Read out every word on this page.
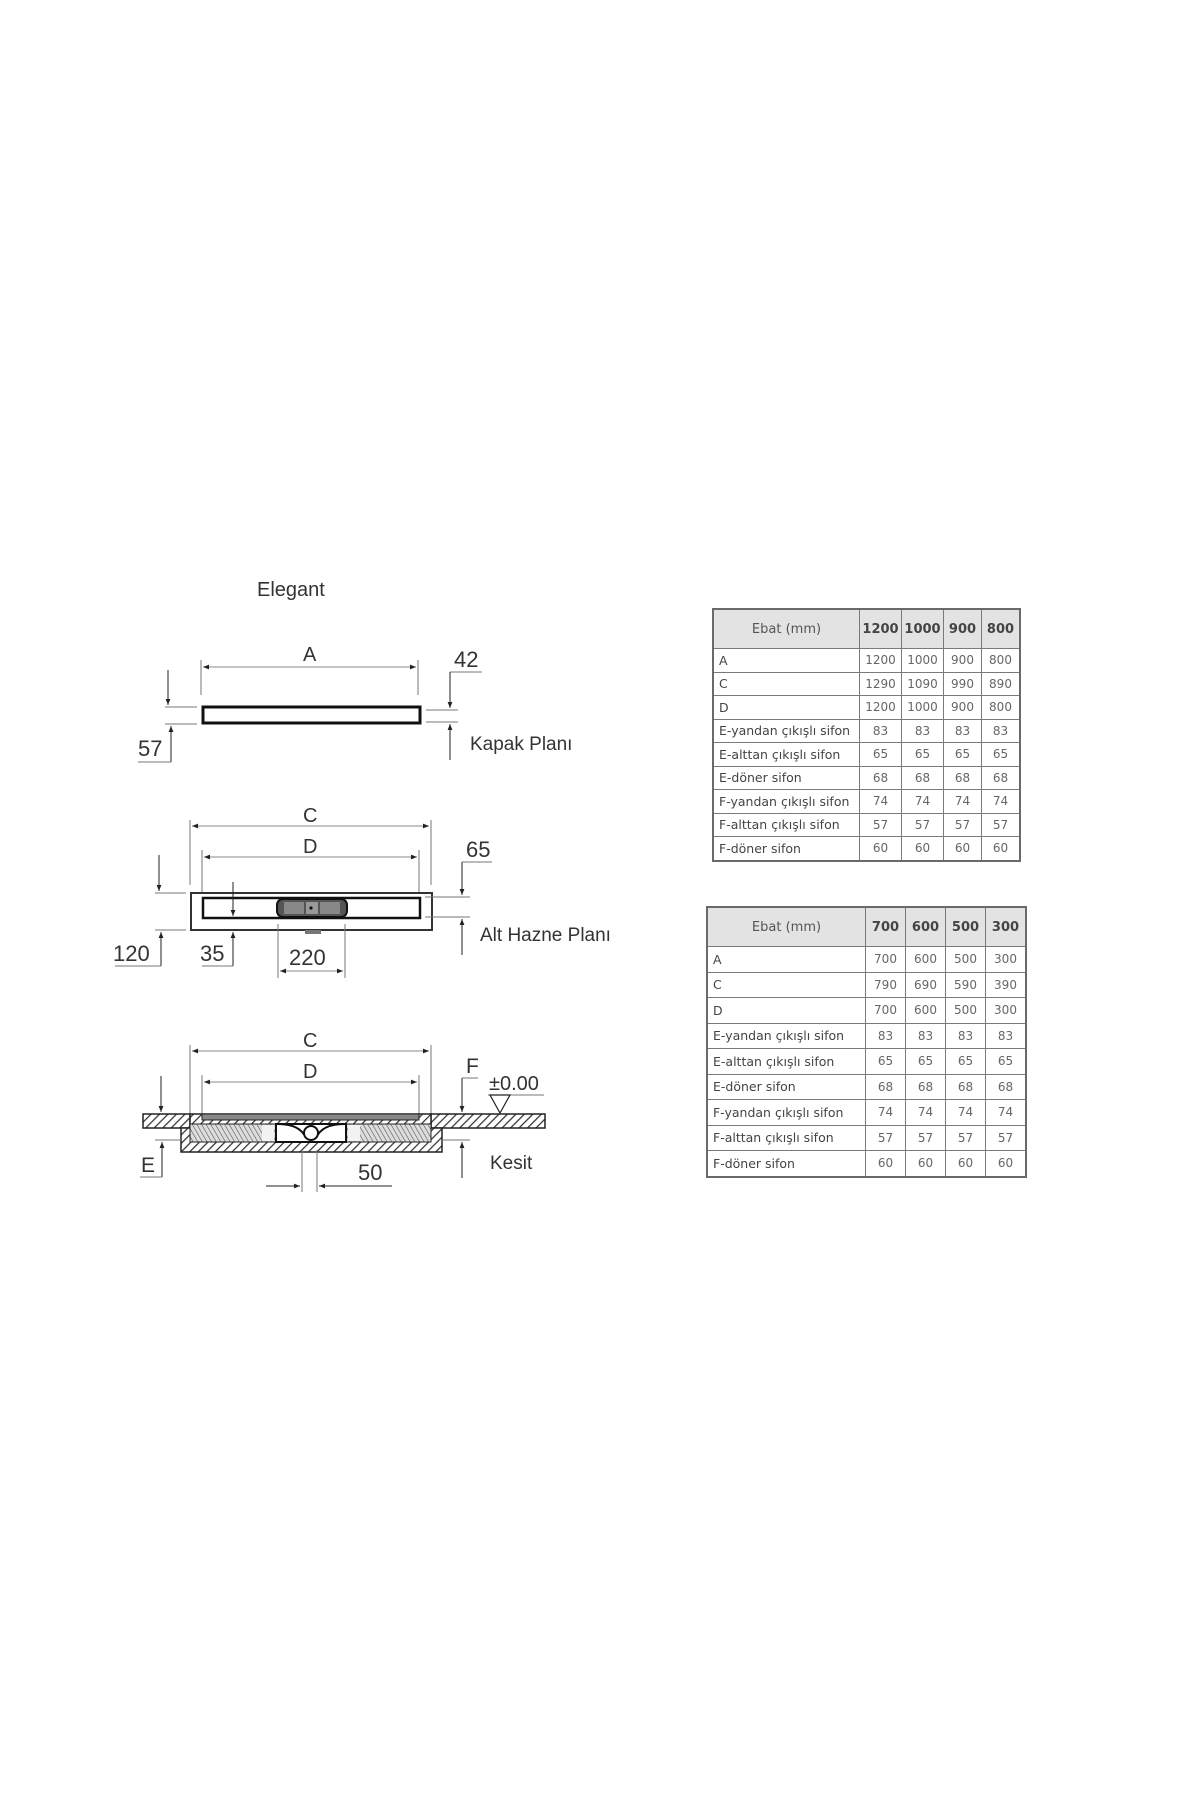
Elegant
A
57
42
Kapak Planı
C
D
120 35	220
65
Alt Hazne Planı
C
D
E
F
±0.00
Kesit
50
Ebat (mm)	1200	1000	900	800
A	1200	1000	900	800
C	1290	1090	990	890
D	1200	1000	900	800
E-yandan çıkışlı sifon	83	83	83	83
E-alttan çıkışlı sifon	65	65	65	65
E-döner sifon	68	68	68	68
F-yandan çıkışlı sifon	74	74	74	74
F-alttan çıkışlı sifon	57	57	57	57
F-döner sifon	60	60	60	60
Ebat (mm)	700	600	500	300
A	700	600	500	300
C	790	690	590	390
D	700	600	500	300
E-yandan çıkışlı sifon	83	83	83	83
E-alttan çıkışlı sifon	65	65	65	65
E-döner sifon	68	68	68	68
F-yandan çıkışlı sifon	74	74	74	74
F-alttan çıkışlı sifon	57	57	57	57
F-döner sifon	60	60	60	60
